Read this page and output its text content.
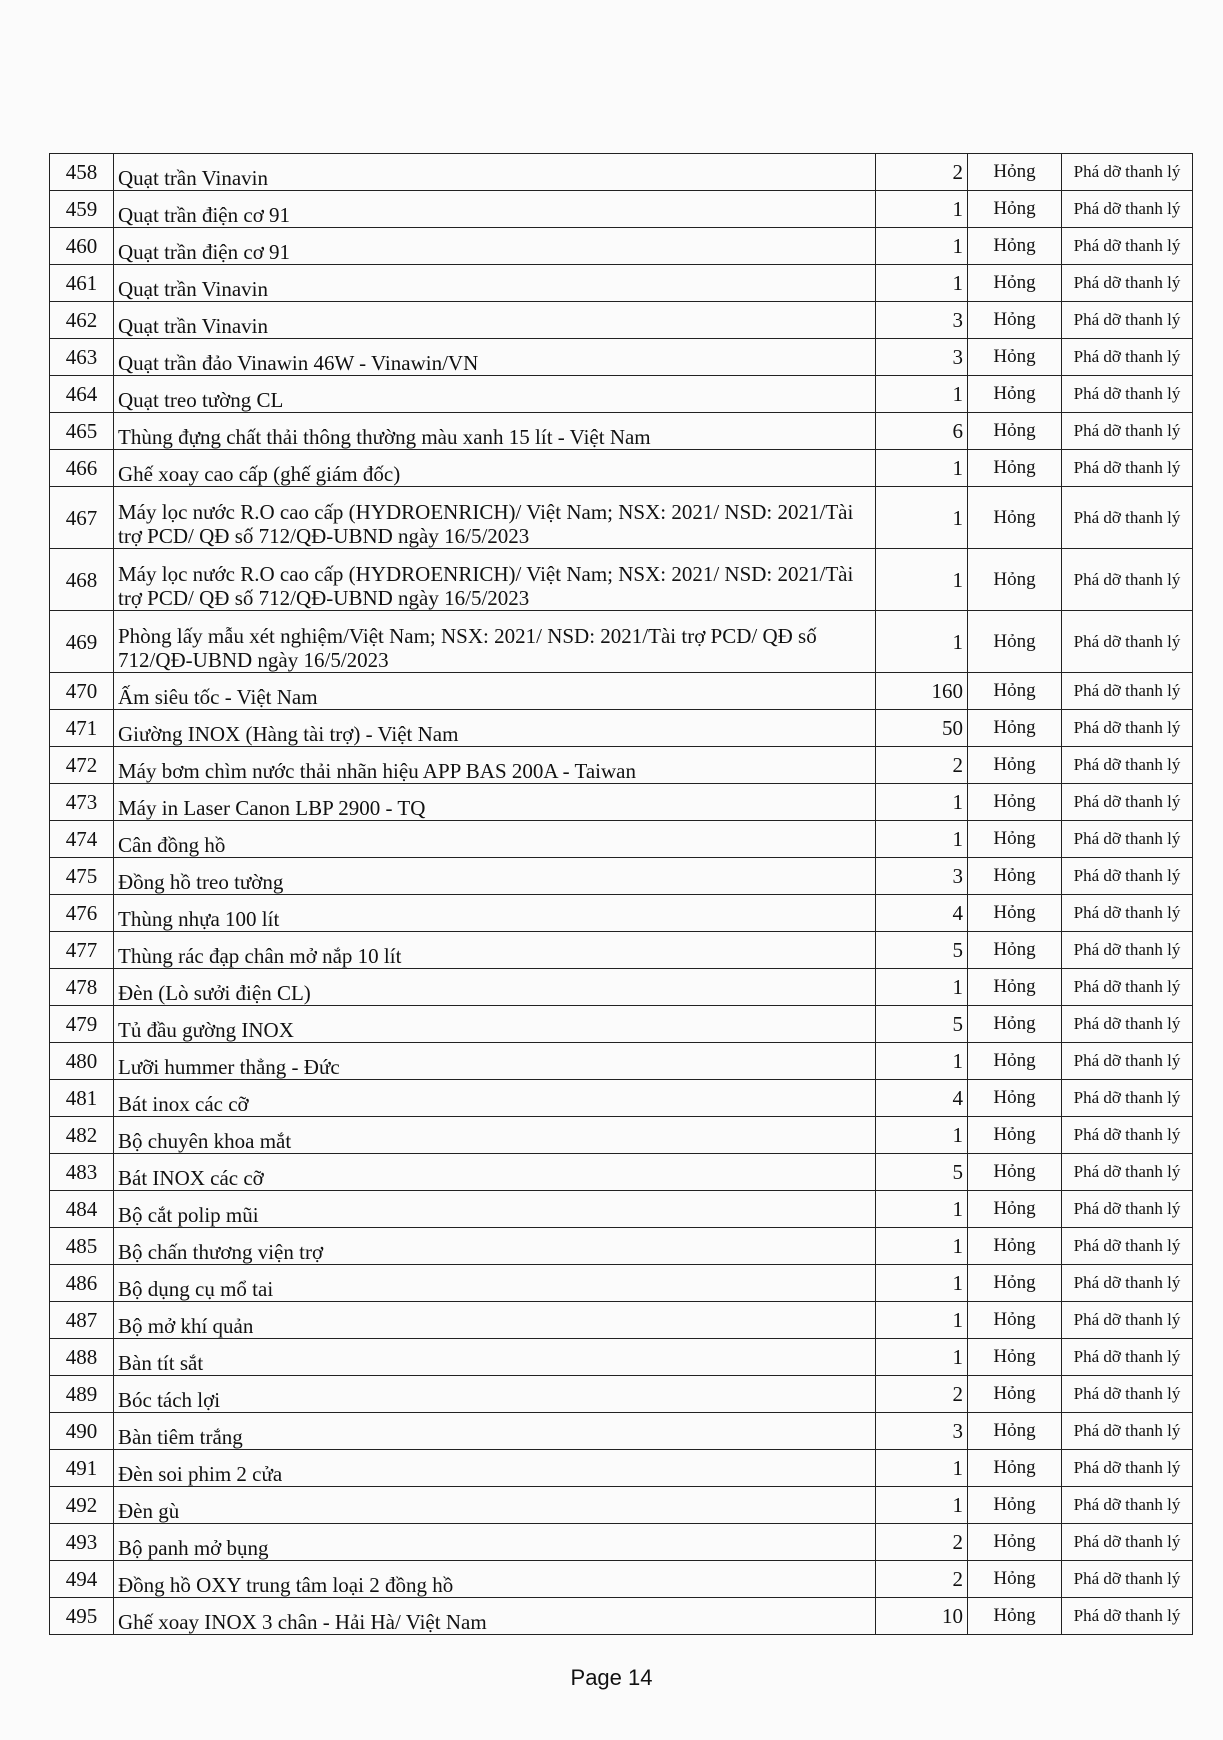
458	Quạt trần Vinavin	2	Hỏng	Phá dỡ thanh lý
459	Quạt trần điện cơ 91	1	Hỏng	Phá dỡ thanh lý
460	Quạt trần điện cơ 91	1	Hỏng	Phá dỡ thanh lý
461	Quạt trần Vinavin	1	Hỏng	Phá dỡ thanh lý
462	Quạt trần Vinavin	3	Hỏng	Phá dỡ thanh lý
463	Quạt trần đảo Vinawin 46W - Vinawin/VN	3	Hỏng	Phá dỡ thanh lý
464	Quạt treo tường CL	1	Hỏng	Phá dỡ thanh lý
465	Thùng đựng chất thải thông thường màu xanh 15 lít - Việt Nam	6	Hỏng	Phá dỡ thanh lý
466	Ghế xoay cao cấp (ghế giám đốc)	1	Hỏng	Phá dỡ thanh lý
467	Máy lọc nước R.O cao cấp (HYDROENRICH)/ Việt Nam; NSX: 2021/ NSD: 2021/Tài trợ PCD/ QĐ số 712/QĐ-UBND ngày 16/5/2023	1	Hỏng	Phá dỡ thanh lý
468	Máy lọc nước R.O cao cấp (HYDROENRICH)/ Việt Nam; NSX: 2021/ NSD: 2021/Tài trợ PCD/ QĐ số 712/QĐ-UBND ngày 16/5/2023	1	Hỏng	Phá dỡ thanh lý
469	Phòng lấy mẫu xét nghiệm/Việt Nam; NSX: 2021/ NSD: 2021/Tài trợ PCD/ QĐ số 712/QĐ-UBND ngày 16/5/2023	1	Hỏng	Phá dỡ thanh lý
470	Ấm siêu tốc - Việt Nam	160	Hỏng	Phá dỡ thanh lý
471	Giường INOX (Hàng tài trợ) - Việt Nam	50	Hỏng	Phá dỡ thanh lý
472	Máy bơm chìm nước thải nhãn hiệu APP BAS 200A - Taiwan	2	Hỏng	Phá dỡ thanh lý
473	Máy in Laser Canon LBP 2900 - TQ	1	Hỏng	Phá dỡ thanh lý
474	Cân đồng hồ	1	Hỏng	Phá dỡ thanh lý
475	Đồng hồ treo tường	3	Hỏng	Phá dỡ thanh lý
476	Thùng nhựa 100 lít	4	Hỏng	Phá dỡ thanh lý
477	Thùng rác đạp chân mở nắp 10 lít	5	Hỏng	Phá dỡ thanh lý
478	Đèn (Lò sưởi điện CL)	1	Hỏng	Phá dỡ thanh lý
479	Tủ đầu gường INOX	5	Hỏng	Phá dỡ thanh lý
480	Lưỡi hummer thẳng - Đức	1	Hỏng	Phá dỡ thanh lý
481	Bát inox các cỡ	4	Hỏng	Phá dỡ thanh lý
482	Bộ chuyên khoa mắt	1	Hỏng	Phá dỡ thanh lý
483	Bát INOX các cỡ	5	Hỏng	Phá dỡ thanh lý
484	Bộ cắt polip mũi	1	Hỏng	Phá dỡ thanh lý
485	Bộ chấn thương viện trợ	1	Hỏng	Phá dỡ thanh lý
486	Bộ dụng cụ mổ tai	1	Hỏng	Phá dỡ thanh lý
487	Bộ mở khí quản	1	Hỏng	Phá dỡ thanh lý
488	Bàn tít sắt	1	Hỏng	Phá dỡ thanh lý
489	Bóc tách lợi	2	Hỏng	Phá dỡ thanh lý
490	Bàn tiêm trắng	3	Hỏng	Phá dỡ thanh lý
491	Đèn soi phim 2 cửa	1	Hỏng	Phá dỡ thanh lý
492	Đèn gù	1	Hỏng	Phá dỡ thanh lý
493	Bộ panh mở bụng	2	Hỏng	Phá dỡ thanh lý
494	Đồng hồ OXY trung tâm loại 2 đồng hồ	2	Hỏng	Phá dỡ thanh lý
495	Ghế xoay INOX 3 chân - Hải Hà/ Việt Nam	10	Hỏng	Phá dỡ thanh lý
Page 14
